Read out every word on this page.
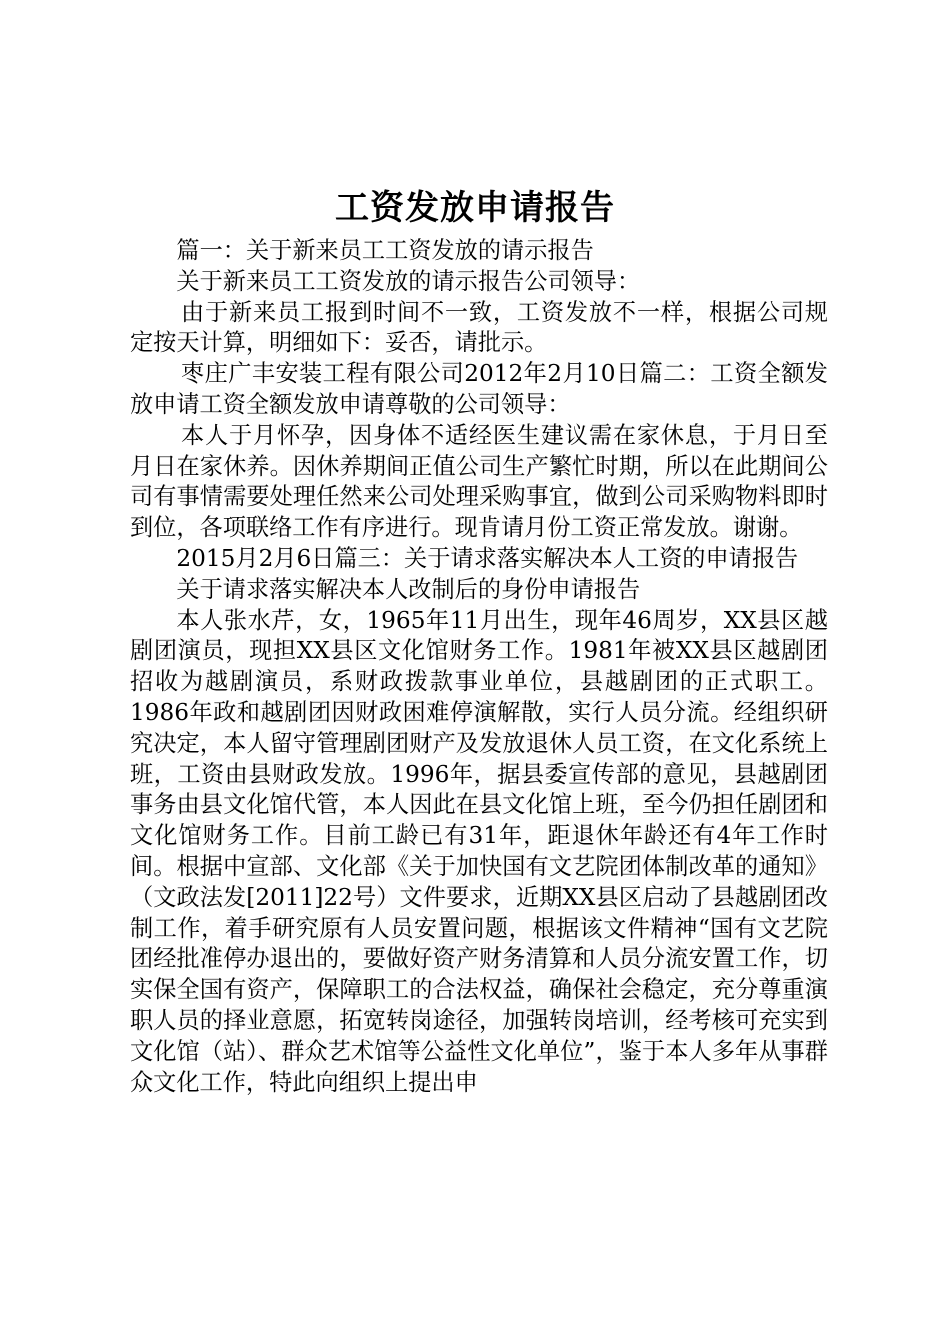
工资发放申请报告

篇一：关于新来员工工资发放的请示报告

关于新来员工工资发放的请示报告公司领导：

由于新来员工报到时间不一致，工资发放不一样，根据公司规定按天计算，明细如下：妥否，请批示。

枣庄广丰安装工程有限公司2012年2月10日篇二：工资全额发放申请工资全额发放申请尊敬的公司领导：

本人于月怀孕，因身体不适经医生建议需在家休息，于月日至月日在家休养。因休养期间正值公司生产繁忙时期，所以在此期间公司有事情需要处理任然来公司处理采购事宜，做到公司采购物料即时到位，各项联络工作有序进行。现肯请月份工资正常发放。谢谢。

2015月2月6日篇三：关于请求落实解决本人工资的申请报告

关于请求落实解决本人改制后的身份申请报告

本人张水芹，女，1965年11月出生，现年46周岁，XX县区越剧团演员，现担XX县区文化馆财务工作。1981年被XX县区越剧团招收为越剧演员，系财政拨款事业单位，县越剧团的正式职工。1986年政和越剧团因财政困难停演解散，实行人员分流。经组织研究决定，本人留守管理剧团财产及发放退休人员工资，在文化系统上班，工资由县财政发放。1996年，据县委宣传部的意见，县越剧团事务由县文化馆代管，本人因此在县文化馆上班，至今仍担任剧团和文化馆财务工作。目前工龄已有31年，距退休年龄还有4年工作时间。根据中宣部、文化部《关于加快国有文艺院团体制改革的通知》（文政法发[2011]22号）文件要求，近期XX县区启动了县越剧团改制工作，着手研究原有人员安置问题，根据该文件精神“国有文艺院团经批准停办退出的，要做好资产财务清算和人员分流安置工作，切实保全国有资产，保障职工的合法权益，确保社会稳定，充分尊重演职人员的择业意愿，拓宽转岗途径，加强转岗培训，经考核可充实到文化馆（站）、群众艺术馆等公益性文化单位”，鉴于本人多年从事群众文化工作，特此向组织上提出申
